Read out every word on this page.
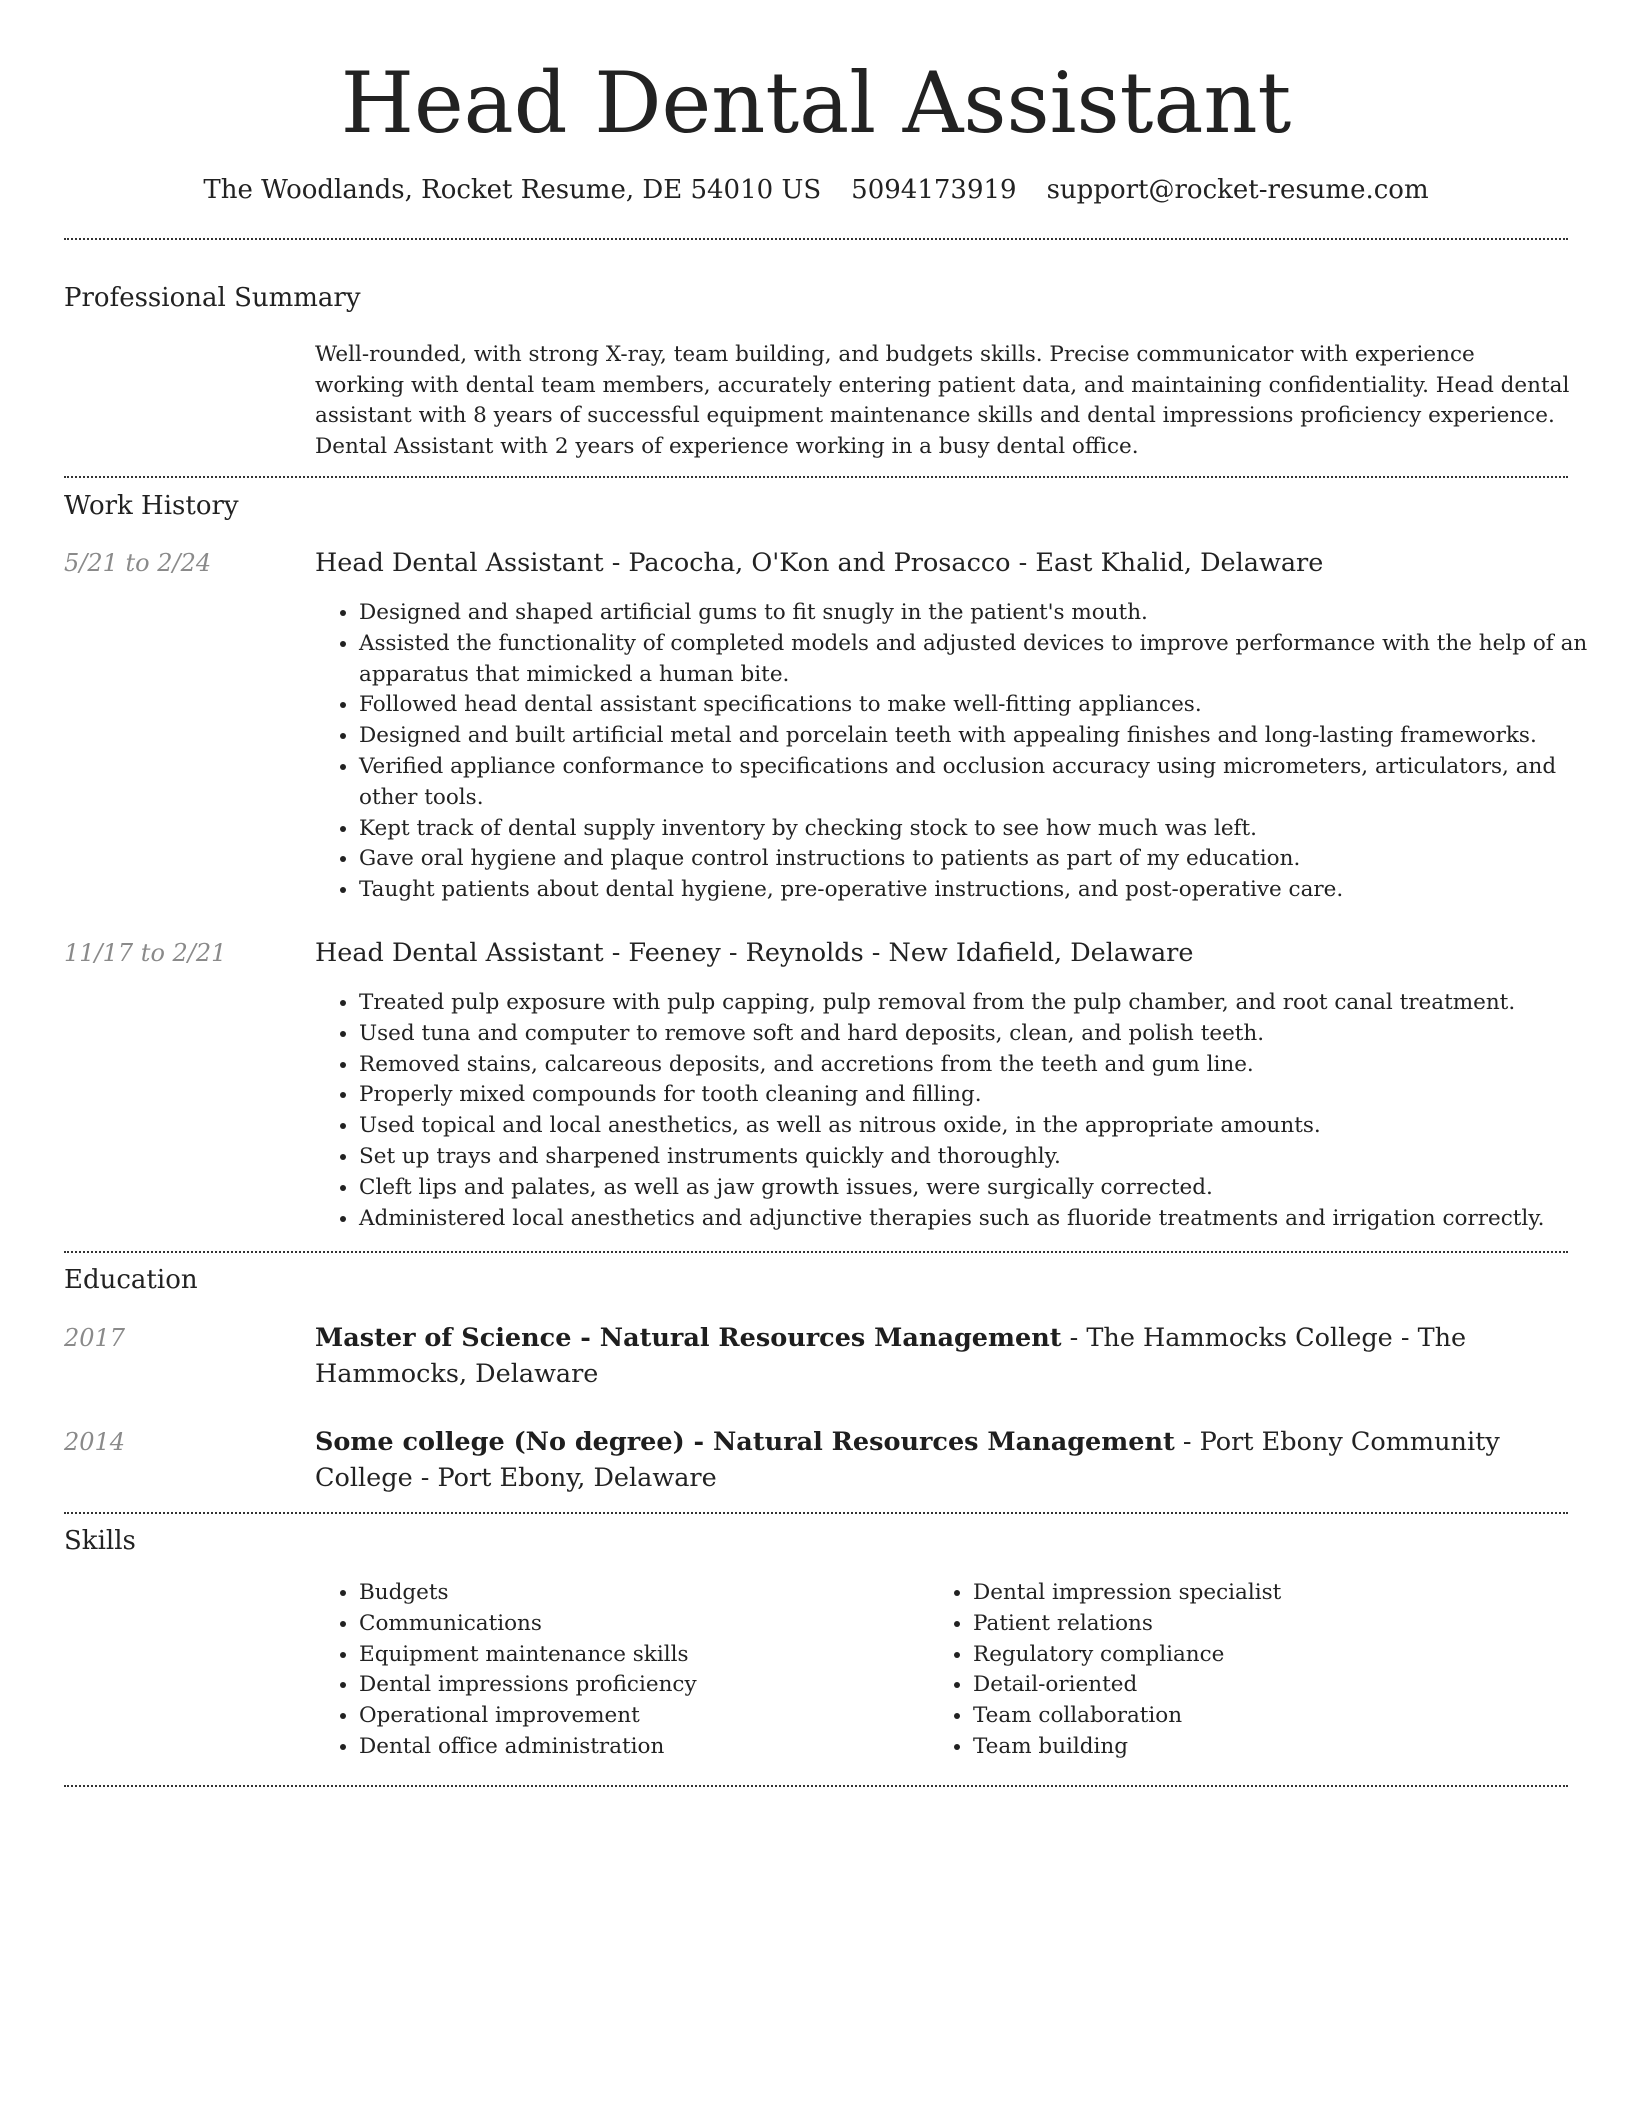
Head Dental Assistant
The Woodlands, Rocket Resume, DE 54010 US 5094173919 support@rocket-resume.com
Professional Summary
Well-rounded, with strong X-ray, team building, and budgets skills. Precise communicator with experience working with dental team members, accurately entering patient data, and maintaining confidentiality. Head dental assistant with 8 years of successful equipment maintenance skills and dental impressions proficiency experience. Dental Assistant with 2 years of experience working in a busy dental office.
Work History
5/21 to 2/24	Head Dental Assistant - Pacocha, O'Kon and Prosacco - East Khalid, Delaware
• Designed and shaped artificial gums to fit snugly in the patient's mouth.
• Assisted the functionality of completed models and adjusted devices to improve performance with the help of an apparatus that mimicked a human bite.
• Followed head dental assistant specifications to make well-fitting appliances.
• Designed and built artificial metal and porcelain teeth with appealing finishes and long-lasting frameworks.
• Verified appliance conformance to specifications and occlusion accuracy using micrometers, articulators, and other tools.
• Kept track of dental supply inventory by checking stock to see how much was left.
• Gave oral hygiene and plaque control instructions to patients as part of my education.
• Taught patients about dental hygiene, pre-operative instructions, and post-operative care.
11/17 to 2/21	Head Dental Assistant - Feeney - Reynolds - New Idafield, Delaware
• Treated pulp exposure with pulp capping, pulp removal from the pulp chamber, and root canal treatment.
• Used tuna and computer to remove soft and hard deposits, clean, and polish teeth.
• Removed stains, calcareous deposits, and accretions from the teeth and gum line.
• Properly mixed compounds for tooth cleaning and filling.
• Used topical and local anesthetics, as well as nitrous oxide, in the appropriate amounts.
• Set up trays and sharpened instruments quickly and thoroughly.
• Cleft lips and palates, as well as jaw growth issues, were surgically corrected.
• Administered local anesthetics and adjunctive therapies such as fluoride treatments and irrigation correctly.
Education
2017	Master of Science - Natural Resources Management - The Hammocks College - The Hammocks, Delaware
2014	Some college (No degree) - Natural Resources Management - Port Ebony Community College - Port Ebony, Delaware
Skills
• Budgets
• Communications
• Equipment maintenance skills
• Dental impressions proficiency
• Operational improvement
• Dental office administration
• Dental impression specialist
• Patient relations
• Regulatory compliance
• Detail-oriented
• Team collaboration
• Team building
